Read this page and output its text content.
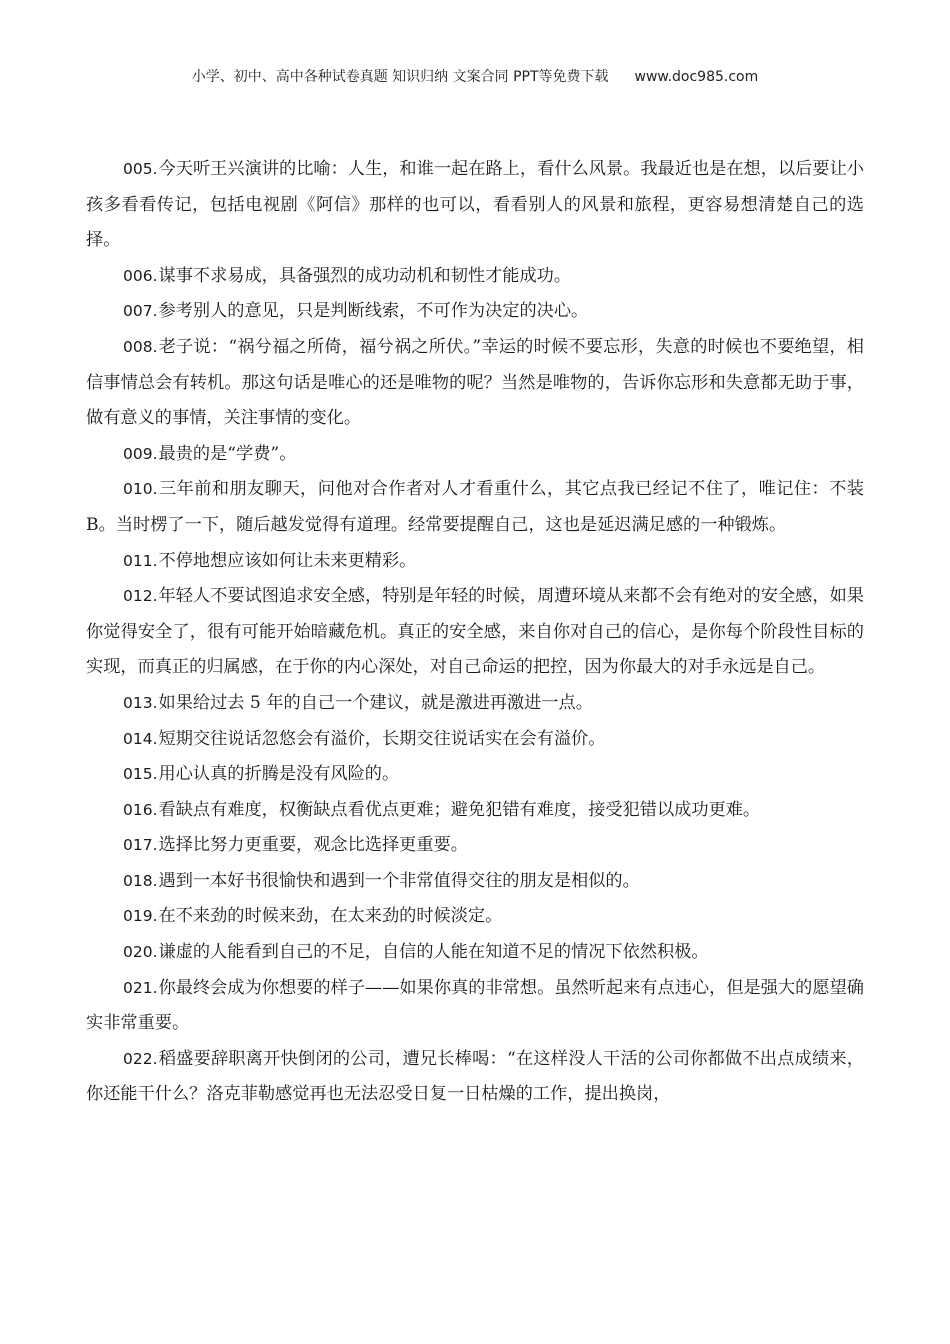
小学、初中、高中各种试卷真题 知识归纳 文案合同 PPT等免费下载 www.doc985.com

005.今天听王兴演讲的比喻：人生，和谁一起在路上，看什么风景。我最近也是在想，以后要让小孩多看看传记，包括电视剧《阿信》那样的也可以，看看别人的风景和旅程，更容易想清楚自己的选择。

006.谋事不求易成，具备强烈的成功动机和韧性才能成功。

007.参考别人的意见，只是判断线索，不可作为决定的决心。

008.老子说：“祸兮福之所倚，福兮祸之所伏。”幸运的时候不要忘形，失意的时候也不要绝望，相信事情总会有转机。那这句话是唯心的还是唯物的呢？当然是唯物的，告诉你忘形和失意都无助于事，做有意义的事情，关注事情的变化。

009.最贵的是“学费”。

010.三年前和朋友聊天，问他对合作者对人才看重什么，其它点我已经记不住了，唯记住：不装 B。当时楞了一下，随后越发觉得有道理。经常要提醒自己，这也是延迟满足感的一种锻炼。

011.不停地想应该如何让未来更精彩。

012.年轻人不要试图追求安全感，特别是年轻的时候，周遭环境从来都不会有绝对的安全感，如果你觉得安全了，很有可能开始暗藏危机。真正的安全感，来自你对自己的信心，是你每个阶段性目标的实现，而真正的归属感，在于你的内心深处，对自己命运的把控，因为你最大的对手永远是自己。

013.如果给过去 5 年的自己一个建议，就是激进再激进一点。

014.短期交往说话忽悠会有溢价，长期交往说话实在会有溢价。

015.用心认真的折腾是没有风险的。

016.看缺点有难度，权衡缺点看优点更难；避免犯错有难度，接受犯错以成功更难。

017.选择比努力更重要，观念比选择更重要。

018.遇到一本好书很愉快和遇到一个非常值得交往的朋友是相似的。

019.在不来劲的时候来劲，在太来劲的时候淡定。

020.谦虚的人能看到自己的不足，自信的人能在知道不足的情况下依然积极。

021.你最终会成为你想要的样子——如果你真的非常想。虽然听起来有点违心，但是强大的愿望确实非常重要。

022.稻盛要辞职离开快倒闭的公司，遭兄长棒喝：“在这样没人干活的公司你都做不出点成绩来，你还能干什么？洛克菲勒感觉再也无法忍受日复一日枯燥的工作，提出换岗，
